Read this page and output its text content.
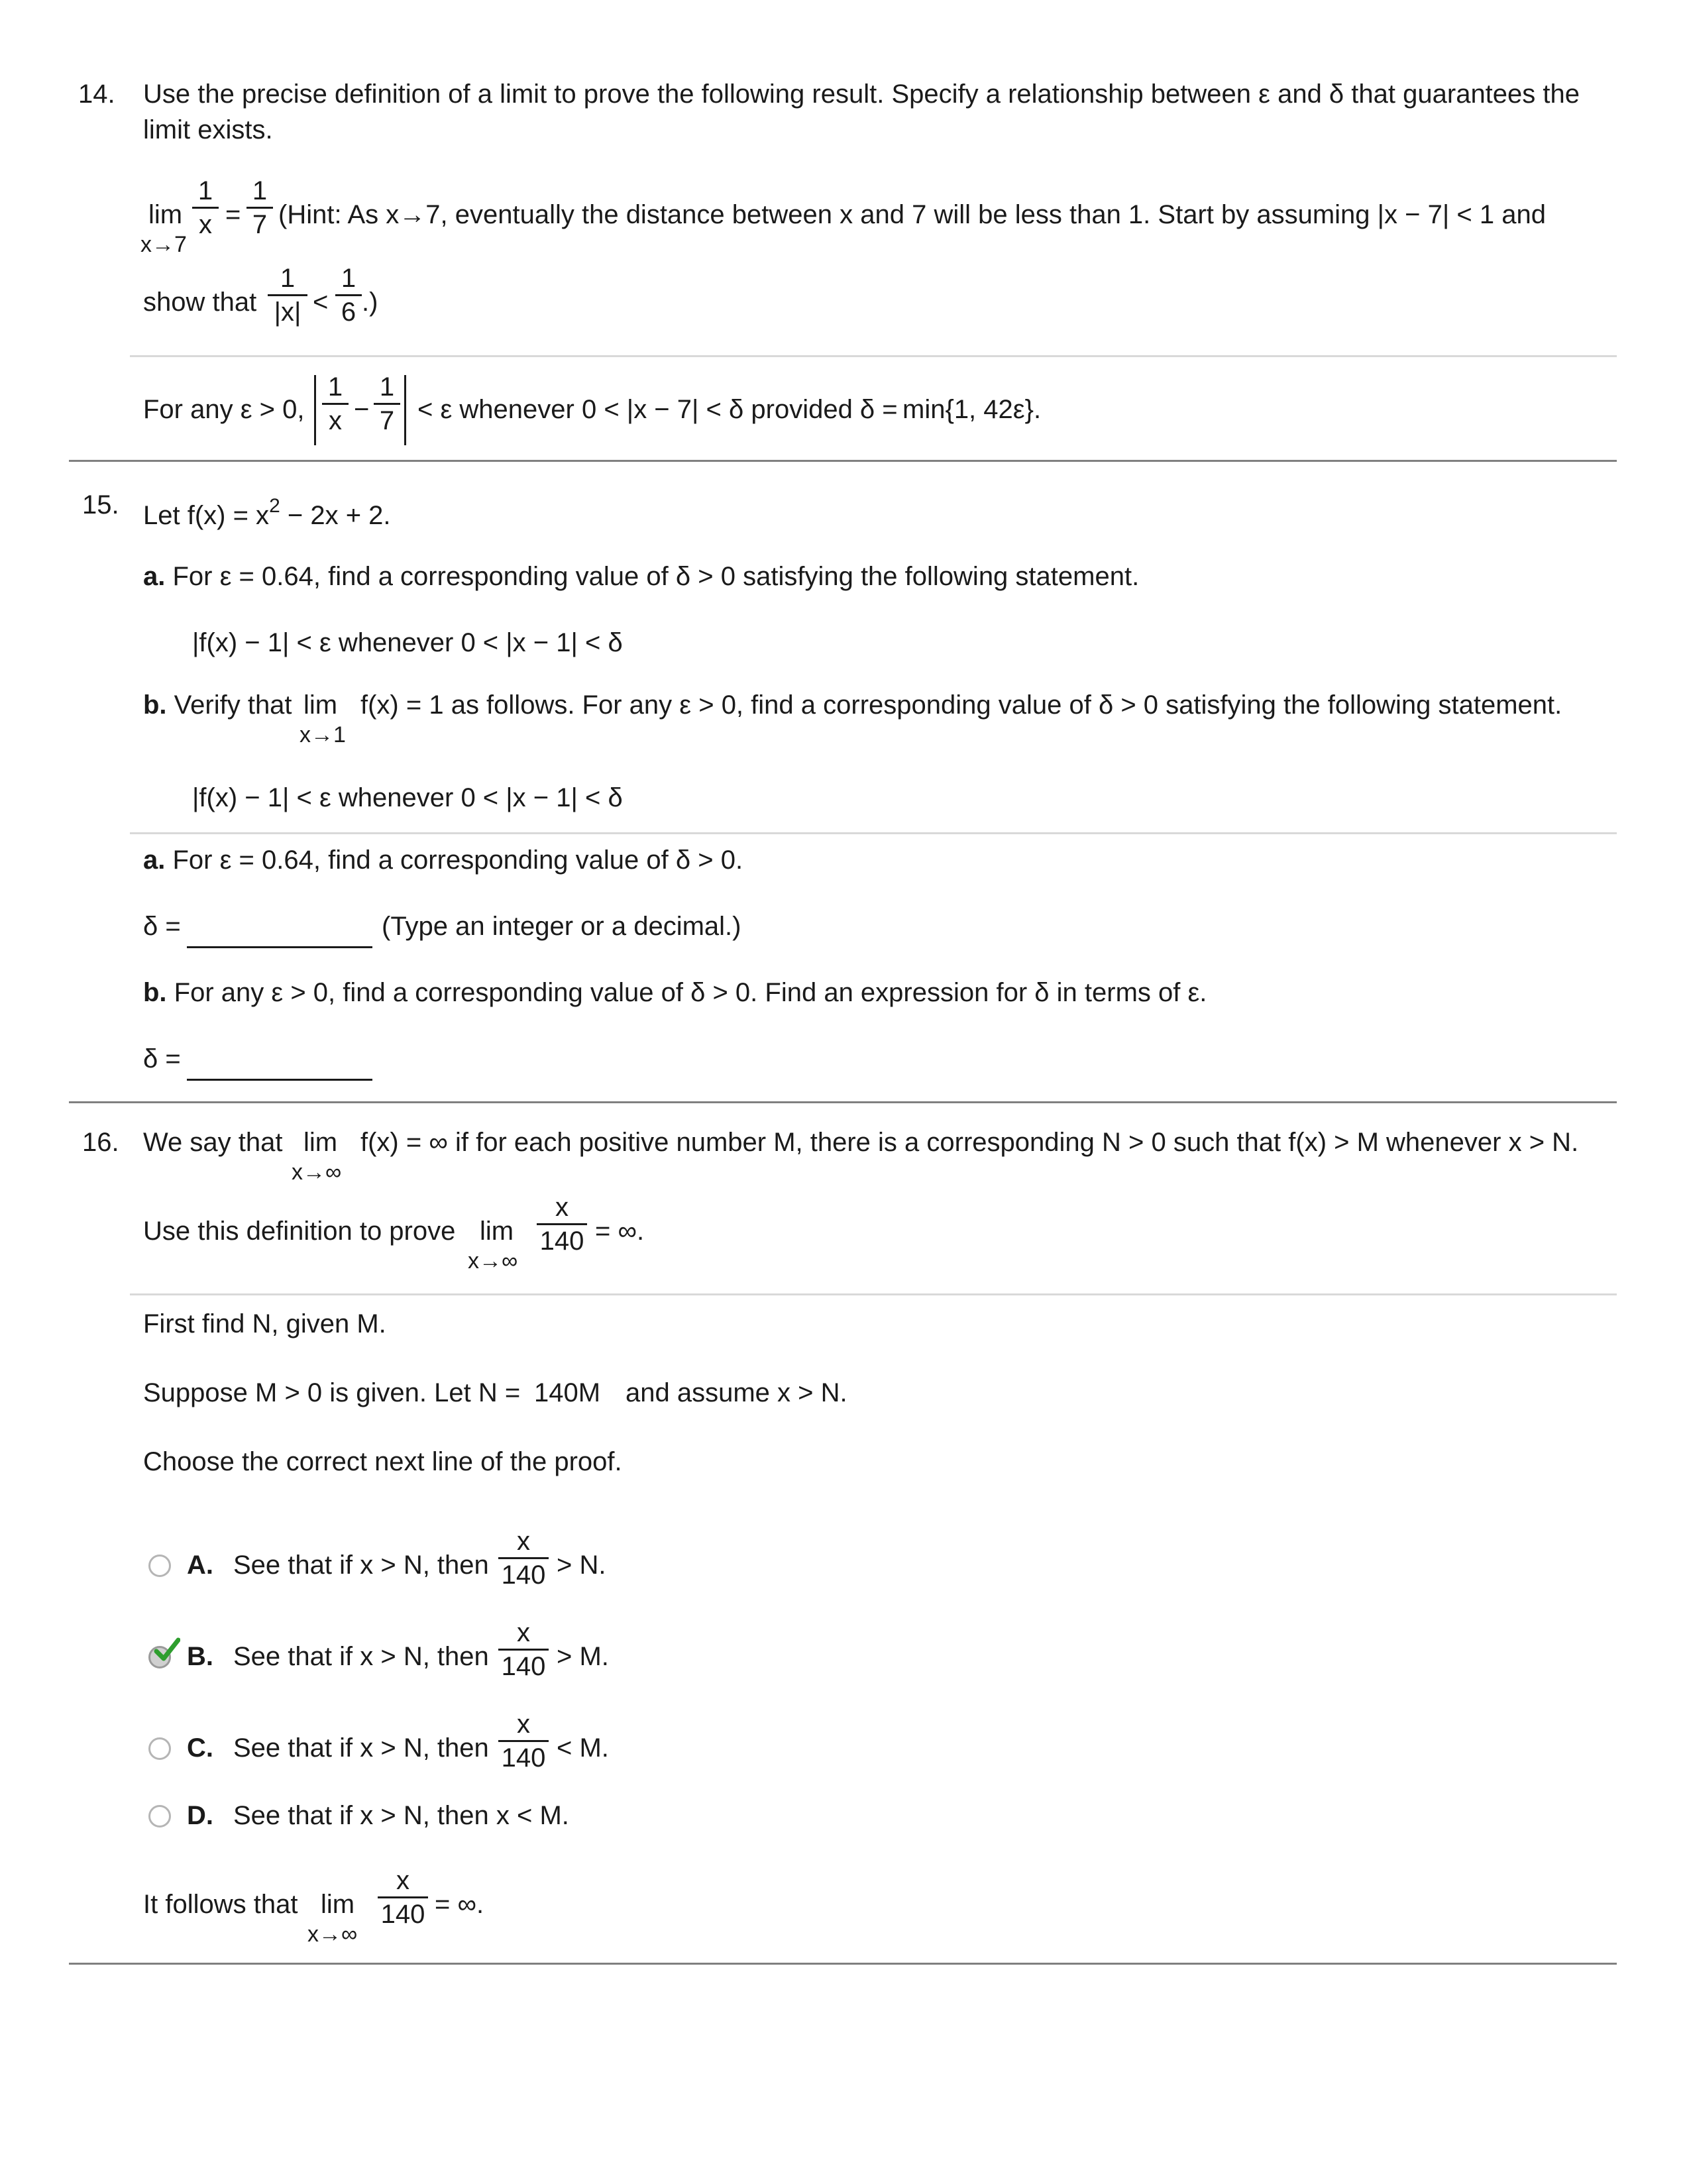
14. Use the precise definition of a limit to prove the following result. Specify a relationship between ε and δ that guarantees the
limit exists.
lim
x→7
1
x =
1
7 (Hint: As x→7, eventually the distance between x and 7 will be less than 1. Start by assuming |x − 7| < 1 and
show that
1
|x| <
1
6 .)
For any ε > 0,
1
x −
1
7 < ε whenever 0 < |x − 7| < δ provided δ = min{1, 42ε}.
15. Let $f(x) = x^2 - 2x + 2$.
a. For ε = 0.64, find a corresponding value of δ > 0 satisfying the following statement.
|f(x) − 1| < ε whenever 0 < |x − 1| < δ
b. Verify that lim
x→1
f(x) = 1 as follows. For any ε > 0, find a corresponding value of δ > 0 satisfying the following statement.
|f(x) − 1| < ε whenever 0 < |x − 1| < δ
a. For ε = 0.64, find a corresponding value of δ > 0.
δ =	(Type an integer or a decimal.)
b. For any ε > 0, find a corresponding value of δ > 0. Find an expression for δ in terms of ε.
δ =
16. We say that lim
x→∞
f(x) = ∞ if for each positive number M, there is a corresponding N > 0 such that f(x) > M whenever x > N.
Use this definition to prove lim
x→∞
x
140 = ∞.
First find N, given M.
Suppose M > 0 is given. Let N = 140M and assume x > N.
Choose the correct next line of the proof.
A. See that if x > N, then
x
140 > N.
B. See that if x > N, then
x
140 > M.
C. See that if x > N, then
x
140 < M.
D. See that if x > N, then x < M.
It follows that lim
x→∞
x
140 = ∞.
